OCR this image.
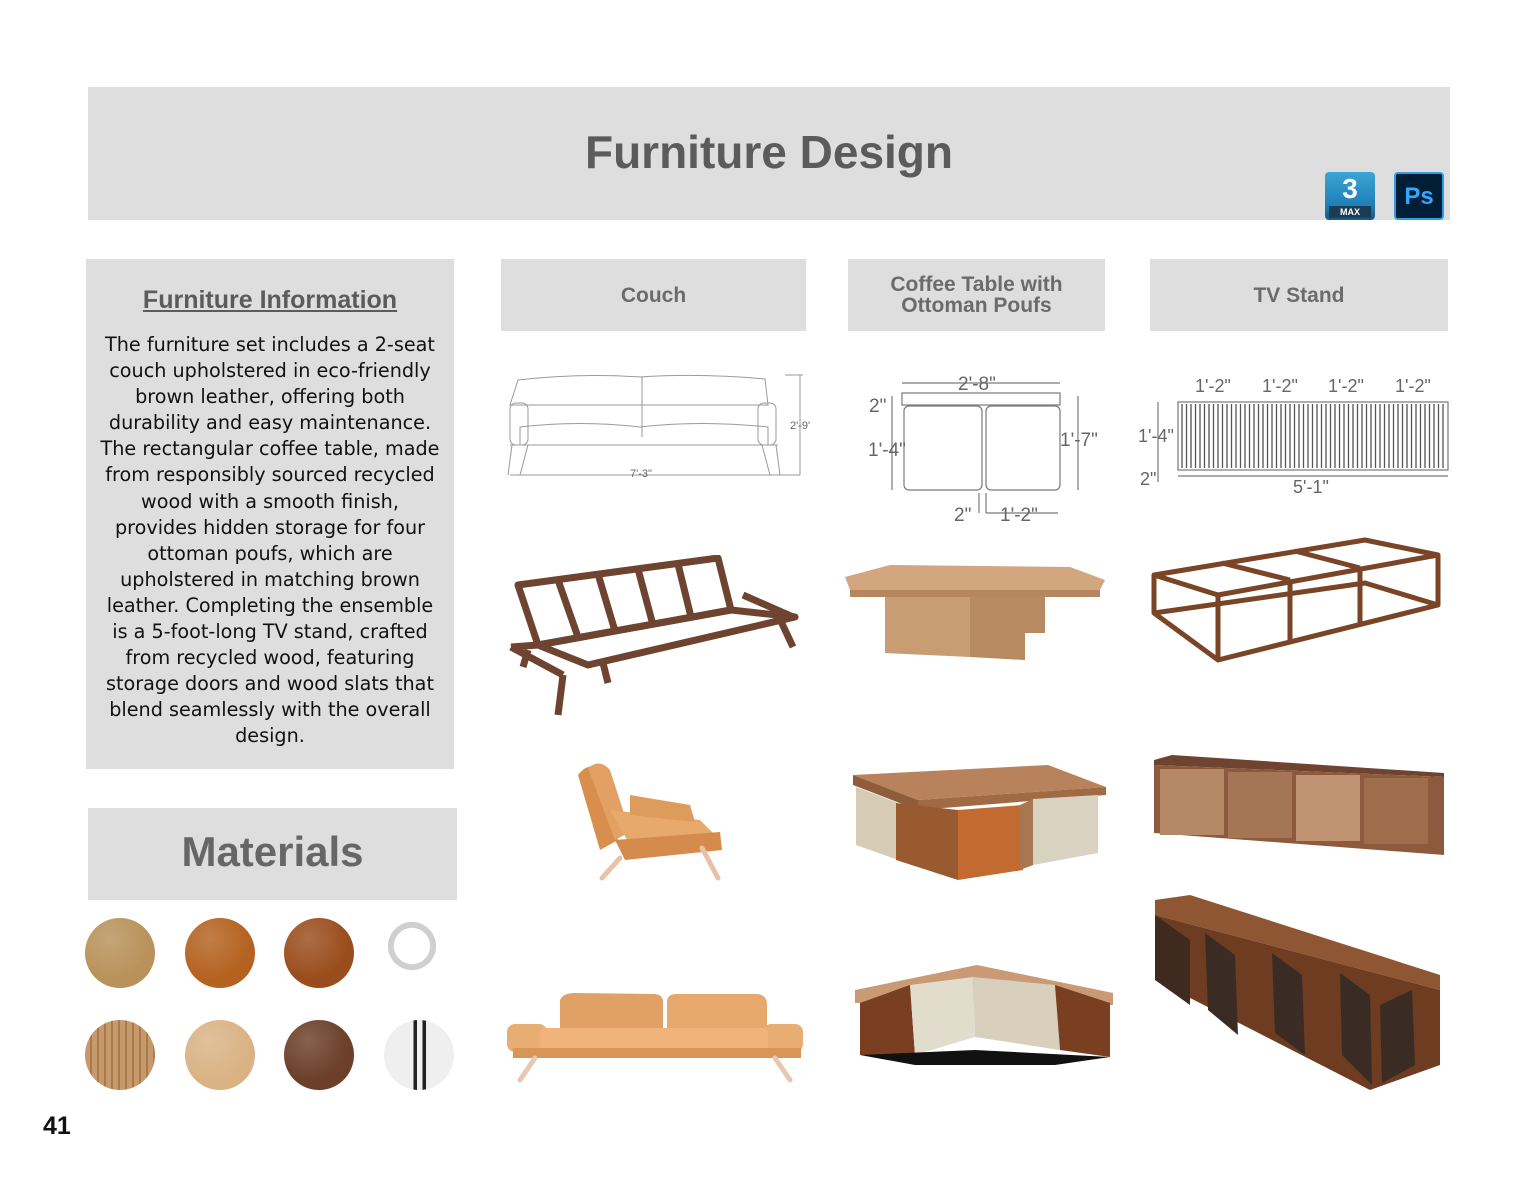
Furniture Design
3
MAX
Ps
Furniture Information
The furniture set includes a 2-seat
couch upholstered in eco-friendly
brown leather, offering both
durability and easy maintenance.
The rectangular coffee table, made
from responsibly sourced recycled
wood with a smooth finish,
provides hidden storage for four
ottoman poufs, which are
upholstered in matching brown
leather. Completing the ensemble
is a 5-foot-long TV stand, crafted
from recycled wood, featuring
storage doors and wood slats that
blend seamlessly with the overall
design.
Materials
Couch	Coffee Table with
Ottoman Poufs	TV Stand
2'-9'
7'-3"
2'-8"
2"
1'-4"	1'-7"
2" 1'-2"
1'-2" 1'-2" 1'-2" 1'-2"
1'-4"
2"	5'-1"
41
